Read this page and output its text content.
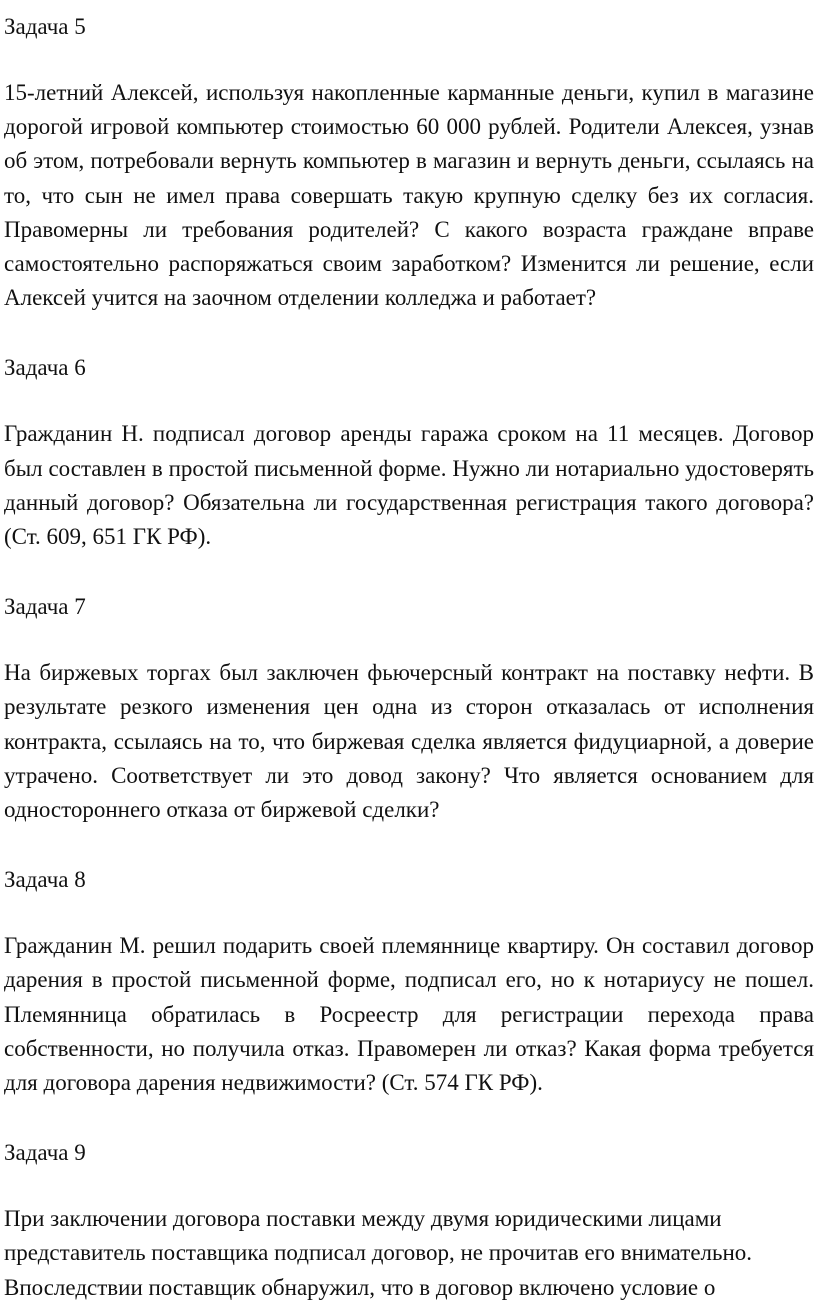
Задача 5

15-летний Алексей, используя накопленные карманные деньги, купил в магазине дорогой игровой компьютер стоимостью 60 000 рублей. Родители Алексея, узнав об этом, потребовали вернуть компьютер в магазин и вернуть деньги, ссылаясь на то, что сын не имел права совершать такую крупную сделку без их согласия. Правомерны ли требования родителей? С какого возраста граждане вправе самостоятельно распоряжаться своим заработком? Изменится ли решение, если Алексей учится на заочном отделении колледжа и работает?

Задача 6

Гражданин Н. подписал договор аренды гаража сроком на 11 месяцев. Договор был составлен в простой письменной форме. Нужно ли нотариально удостоверять данный договор? Обязательна ли государственная регистрация такого договора? (Ст. 609, 651 ГК РФ).

Задача 7

На биржевых торгах был заключен фьючерсный контракт на поставку нефти. В результате резкого изменения цен одна из сторон отказалась от исполнения контракта, ссылаясь на то, что биржевая сделка является фидуциарной, а доверие утрачено. Соответствует ли это довод закону? Что является основанием для одностороннего отказа от биржевой сделки?

Задача 8

Гражданин М. решил подарить своей племяннице квартиру. Он составил договор дарения в простой письменной форме, подписал его, но к нотариусу не пошел. Племянница обратилась в Росреестр для регистрации перехода права собственности, но получила отказ. Правомерен ли отказ? Какая форма требуется для договора дарения недвижимости? (Ст. 574 ГК РФ).

Задача 9

При заключении договора поставки между двумя юридическими лицами представитель поставщика подписал договор, не прочитав его внимательно. Впоследствии поставщик обнаружил, что в договор включено условие о
